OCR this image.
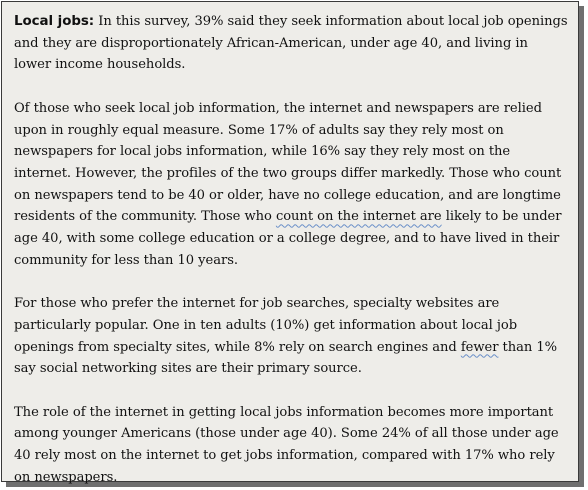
Local jobs: In this survey, 39% said they seek information about local job openings and they are disproportionately African-American, under age 40, and living in lower income households.

Of those who seek local job information, the internet and newspapers are relied upon in roughly equal measure. Some 17% of adults say they rely most on newspapers for local jobs information, while 16% say they rely most on the internet. However, the profiles of the two groups differ markedly. Those who count on newspapers tend to be 40 or older, have no college education, and are longtime residents of the community. Those who count on the internet are likely to be under age 40, with some college education or a college degree, and to have lived in their community for less than 10 years.

For those who prefer the internet for job searches, specialty websites are particularly popular. One in ten adults (10%) get information about local job openings from specialty sites, while 8% rely on search engines and fewer than 1% say social networking sites are their primary source.

The role of the internet in getting local jobs information becomes more important among younger Americans (those under age 40). Some 24% of all those under age 40 rely most on the internet to get jobs information, compared with 17% who rely on newspapers.
